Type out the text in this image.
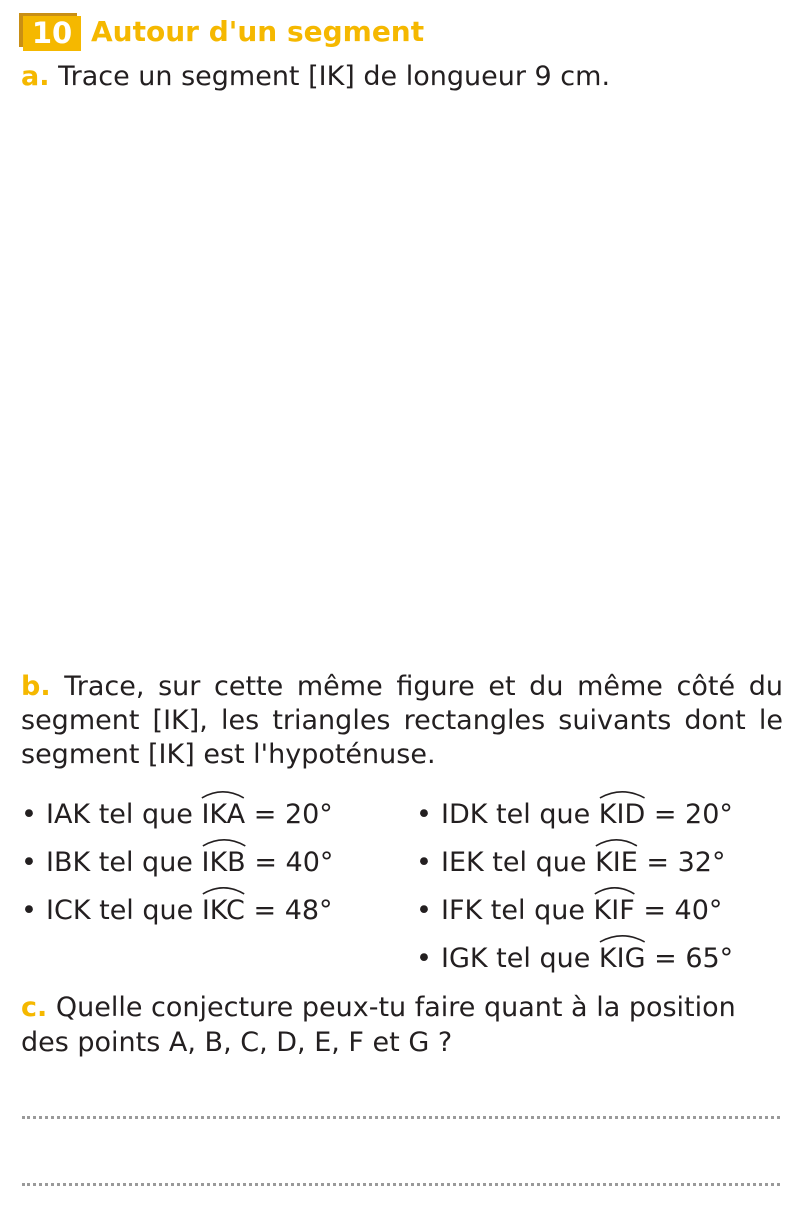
10 Autour d'un segment
a. Trace un segment [IK] de longueur 9 cm.
b. Trace, sur cette même figure et du même côté du segment [IK], les triangles rectangles suivants dont le segment [IK] est l'hypoténuse.
• IAK tel que IKA = 20°
• IBK tel que IKB = 40°
• ICK tel que IKC = 48°
• IDK tel que KID = 20°
• IEK tel que KIE = 32°
• IFK tel que KIF = 40°
• IGK tel que KIG = 65°
c. Quelle conjecture peux-tu faire quant à la position des points A, B, C, D, E, F et G ?
